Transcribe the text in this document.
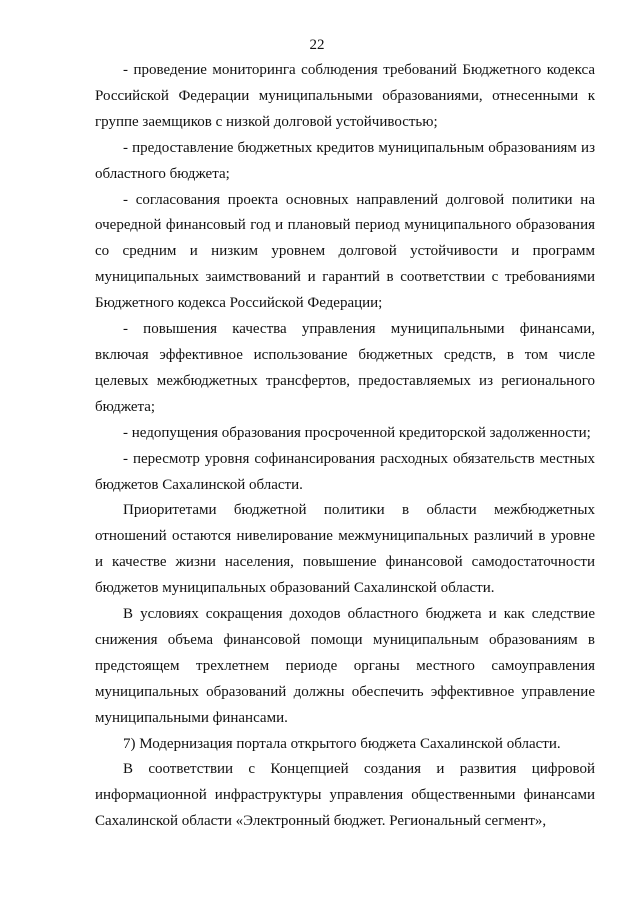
22

- проведение мониторинга соблюдения требований Бюджетного кодекса Российской Федерации муниципальными образованиями, отнесенными к группе заемщиков с низкой долговой устойчивостью;

- предоставление бюджетных кредитов муниципальным образованиям из областного бюджета;

- согласования проекта основных направлений долговой политики на очередной финансовый год и плановый период муниципального образования со средним и низким уровнем долговой устойчивости и программ муниципальных заимствований и гарантий в соответствии с требованиями Бюджетного кодекса Российской Федерации;

- повышения качества управления муниципальными финансами, включая эффективное использование бюджетных средств, в том числе целевых межбюджетных трансфертов, предоставляемых из регионального бюджета;

- недопущения образования просроченной кредиторской задолженности;

- пересмотр уровня софинансирования расходных обязательств местных бюджетов Сахалинской области.

Приоритетами бюджетной политики в области межбюджетных отношений остаются нивелирование межмуниципальных различий в уровне и качестве жизни населения, повышение финансовой самодостаточности бюджетов муниципальных образований Сахалинской области.

В условиях сокращения доходов областного бюджета и как следствие снижения объема финансовой помощи муниципальным образованиям в предстоящем трехлетнем периоде органы местного самоуправления муниципальных образований должны обеспечить эффективное управление муниципальными финансами.

7) Модернизация портала открытого бюджета Сахалинской области.

В соответствии с Концепцией создания и развития цифровой информационной инфраструктуры управления общественными финансами Сахалинской области «Электронный бюджет. Региональный сегмент»,
